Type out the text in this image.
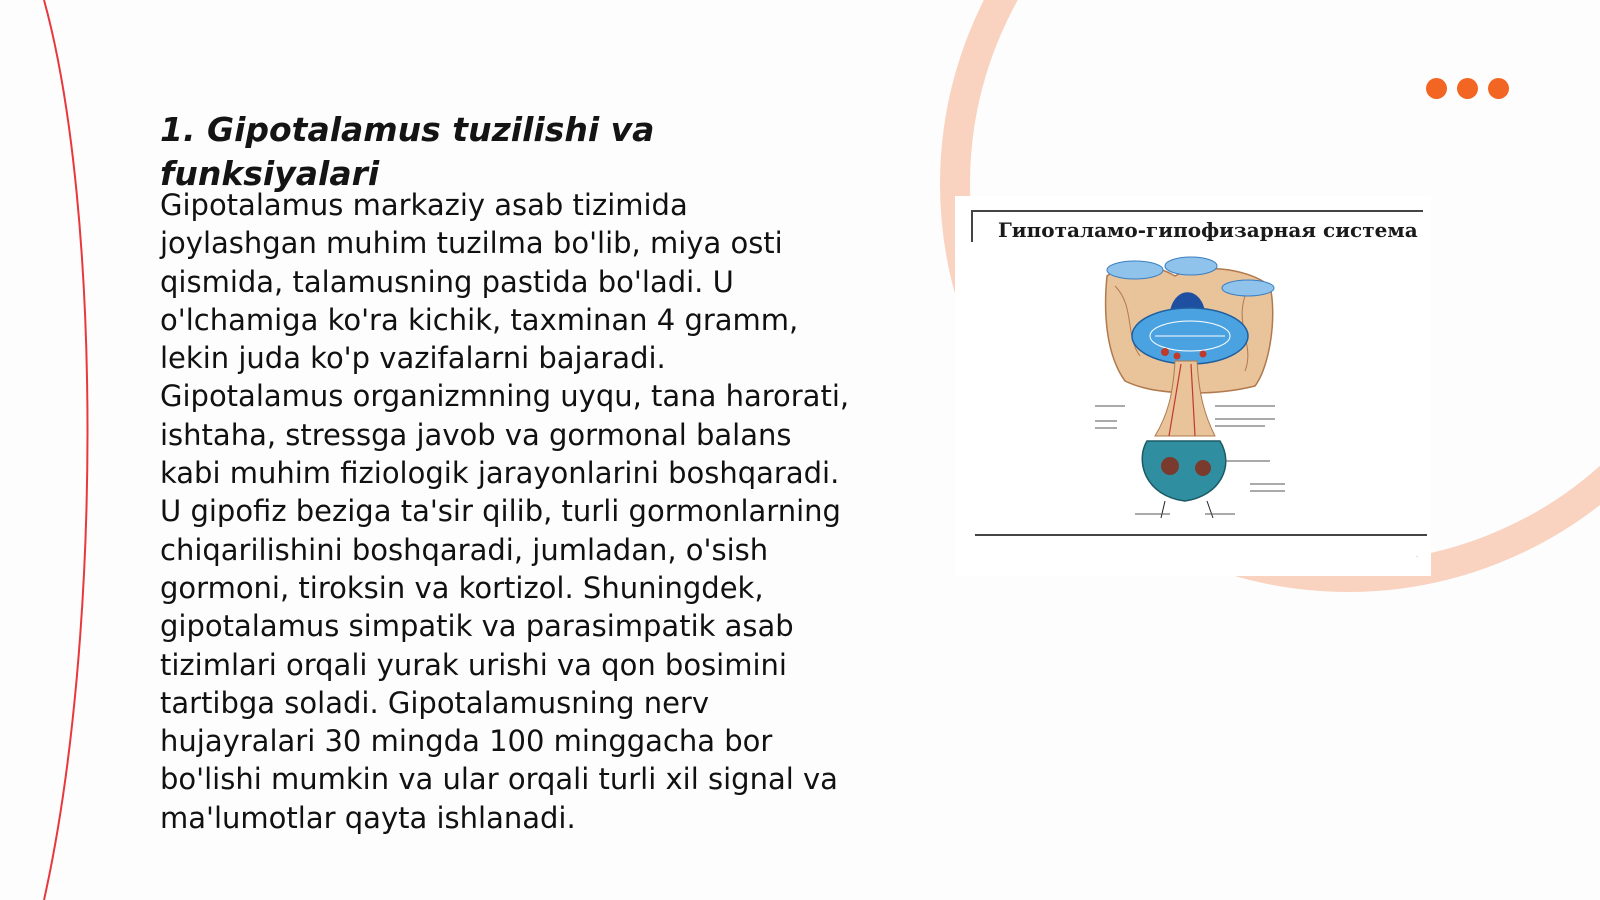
1. Gipotalamus tuzilishi va funksiyalari

Gipotalamus markaziy asab tizimida joylashgan muhim tuzilma bo'lib, miya osti qismida, talamusning pastida bo'ladi. U o'lchamiga ko'ra kichik, taxminan 4 gramm, lekin juda ko'p vazifalarni bajaradi. Gipotalamus organizmning uyqu, tana harorati, ishtaha, stressga javob va gormonal balans kabi muhim fiziologik jarayonlarini boshqaradi. U gipofiz beziga ta'sir qilib, turli gormonlarning chiqarilishini boshqaradi, jumladan, o'sish gormoni, tiroksin va kortizol. Shuningdek, gipotalamus simpatik va parasimpatik asab tizimlari orqali yurak urishi va qon bosimini tartibga soladi. Gipotalamusning nerv hujayralari 30 mingda 100 minggacha bor bo'lishi mumkin va ular orqali turli xil signal va ma'lumotlar qayta ishlanadi.

Гипоталамо-гипофизарная система
·
